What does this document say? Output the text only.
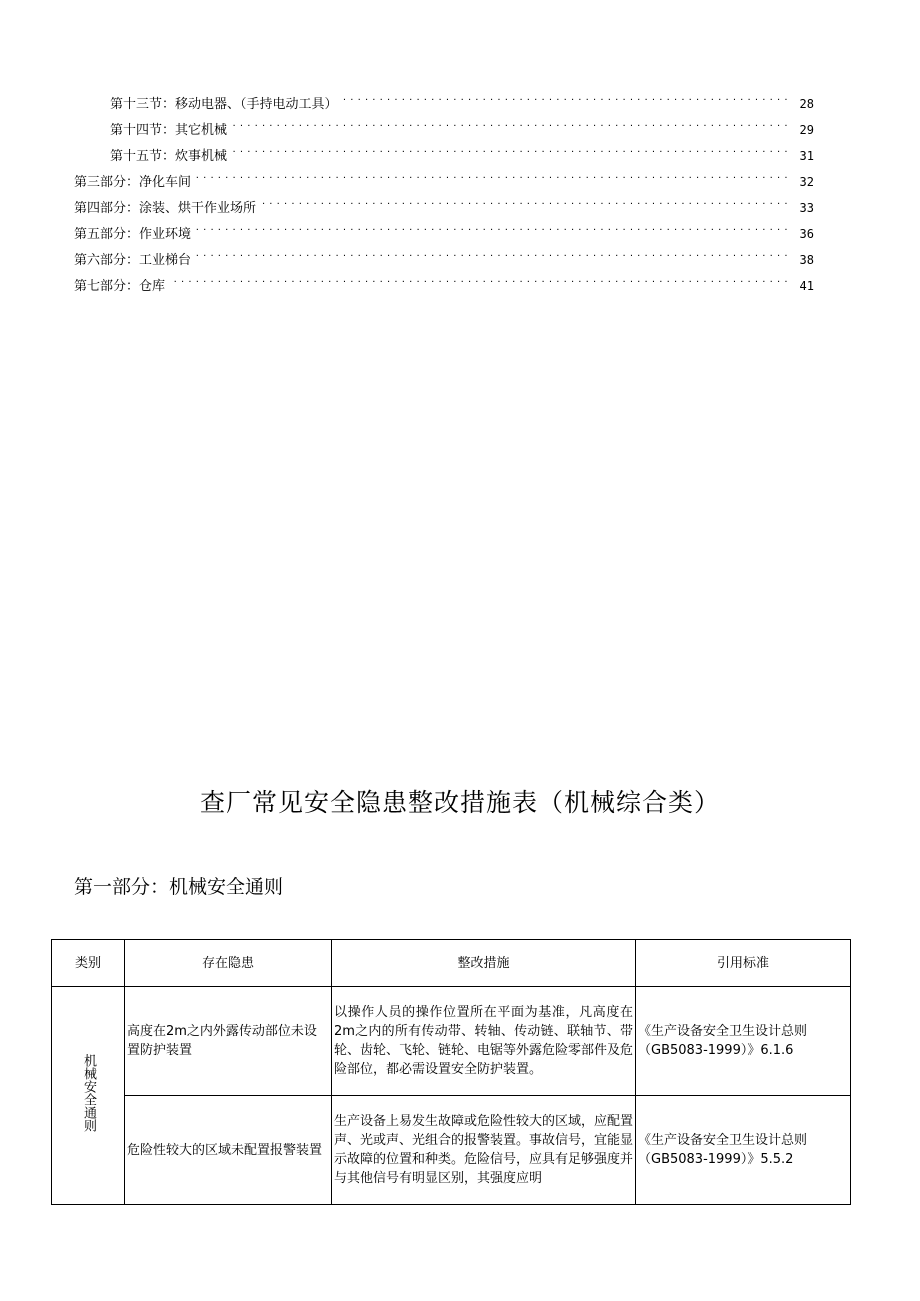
第十三节：移动电器、（手持电动工具） . . .	28
第十四节：其它机械 . . .	29
第十五节：炊事机械 . . .	31
第三部分：净化车间 . . .	32
第四部分：涂装、烘干作业场所 . . .	33
第五部分：作业环境 . . .	36
第六部分：工业梯台 . . .	38
第七部分：仓库 . . .	41
查厂常见安全隐患整改措施表（机械综合类）
第一部分：机械安全通则
类别	存在隐患	整改措施	引用标准
机械安全通则	高度在2m之内外露传动部位未设置防护装置	以操作人员的操作位置所在平面为基准，凡高度在2m之内的所有传动带、转轴、传动链、联轴节、带轮、齿轮、飞轮、链轮、电锯等外露危险零部件及危险部位，都必需设置安全防护装置。	《生产设备安全卫生设计总则（GB5083-1999）》6.1.6
	危险性较大的区域未配置报警装置	生产设备上易发生故障或危险性较大的区域，应配置声、光或声、光组合的报警装置。事故信号，宜能显示故障的位置和种类。危险信号，应具有足够强度并与其他信号有明显区别，其强度应明	《生产设备安全卫生设计总则（GB5083-1999）》5.5.2
